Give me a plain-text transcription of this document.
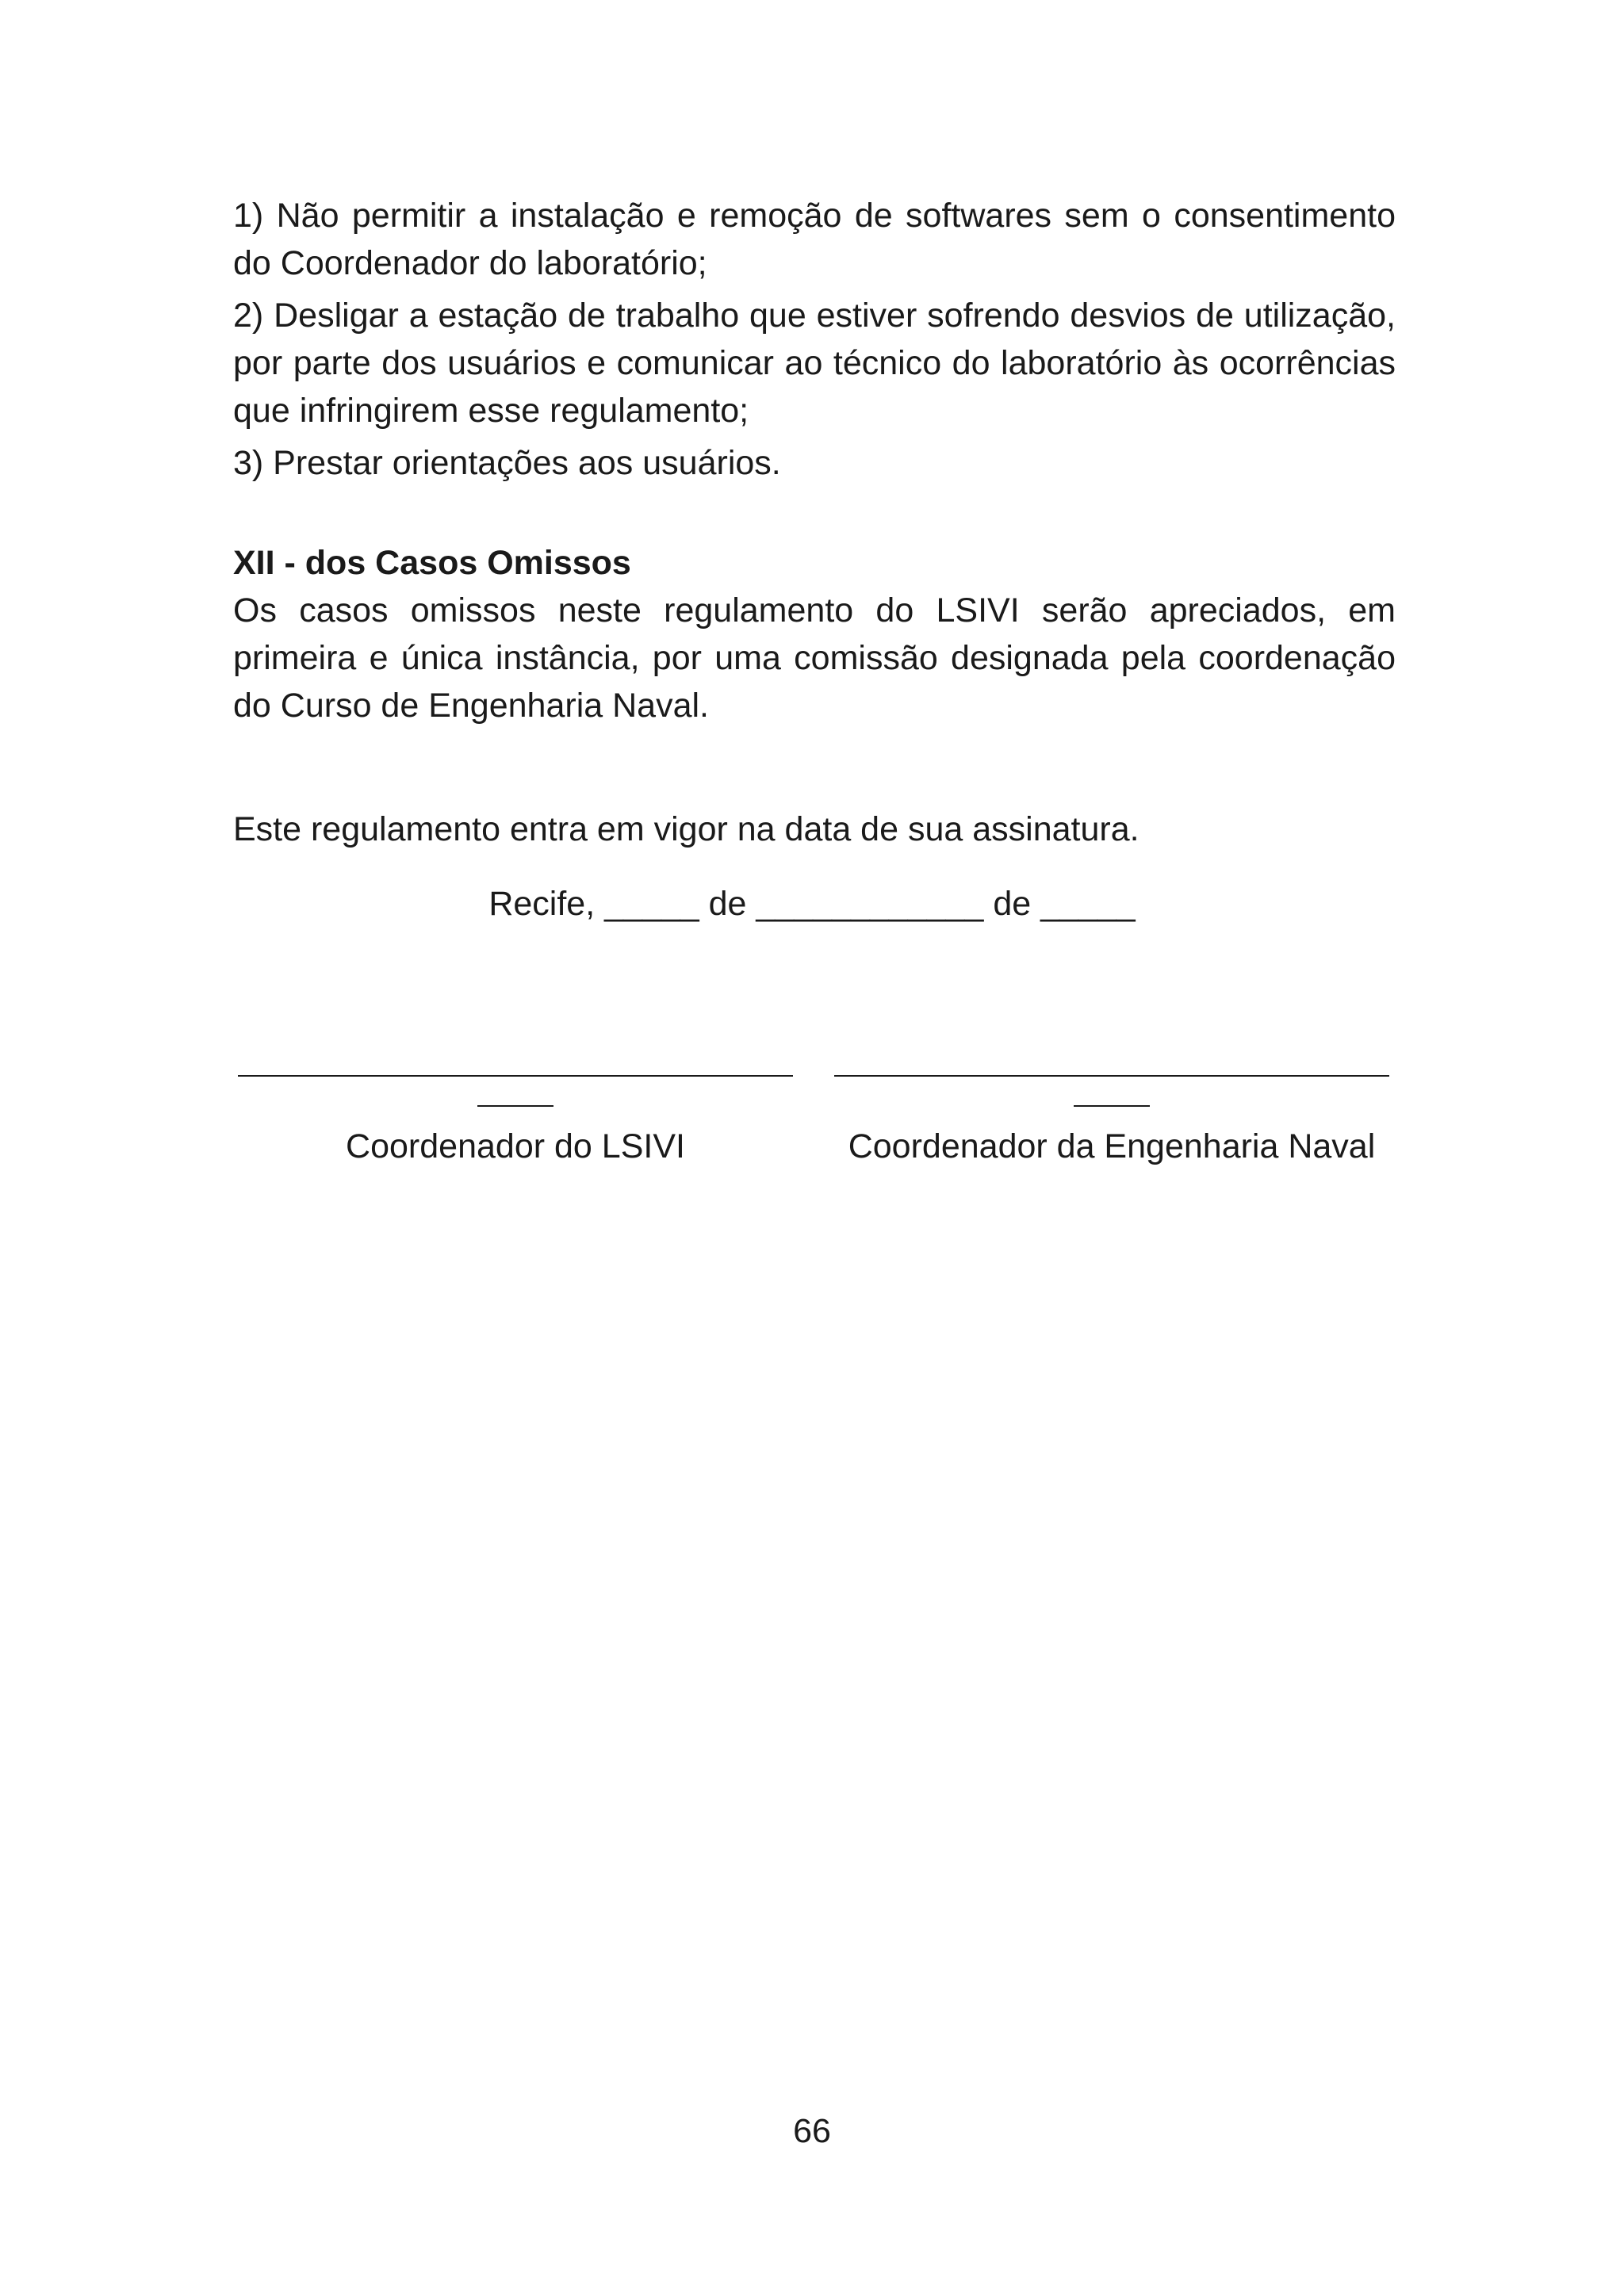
1) Não permitir a instalação e remoção de softwares sem o consentimento do Coordenador do laboratório;

2) Desligar a estação de trabalho que estiver sofrendo desvios de utilização, por parte dos usuários e comunicar ao técnico do laboratório às ocorrências que infringirem esse regulamento;

3) Prestar orientações aos usuários.

XII - dos Casos Omissos

Os casos omissos neste regulamento do LSIVI serão apreciados, em primeira e única instância, por uma comissão designada pela coordenação do Curso de Engenharia Naval.

Este regulamento entra em vigor na data de sua assinatura.

Recife, _____ de ____________ de _____
Coordenador do LSIVI	Coordenador da Engenharia Naval
66
